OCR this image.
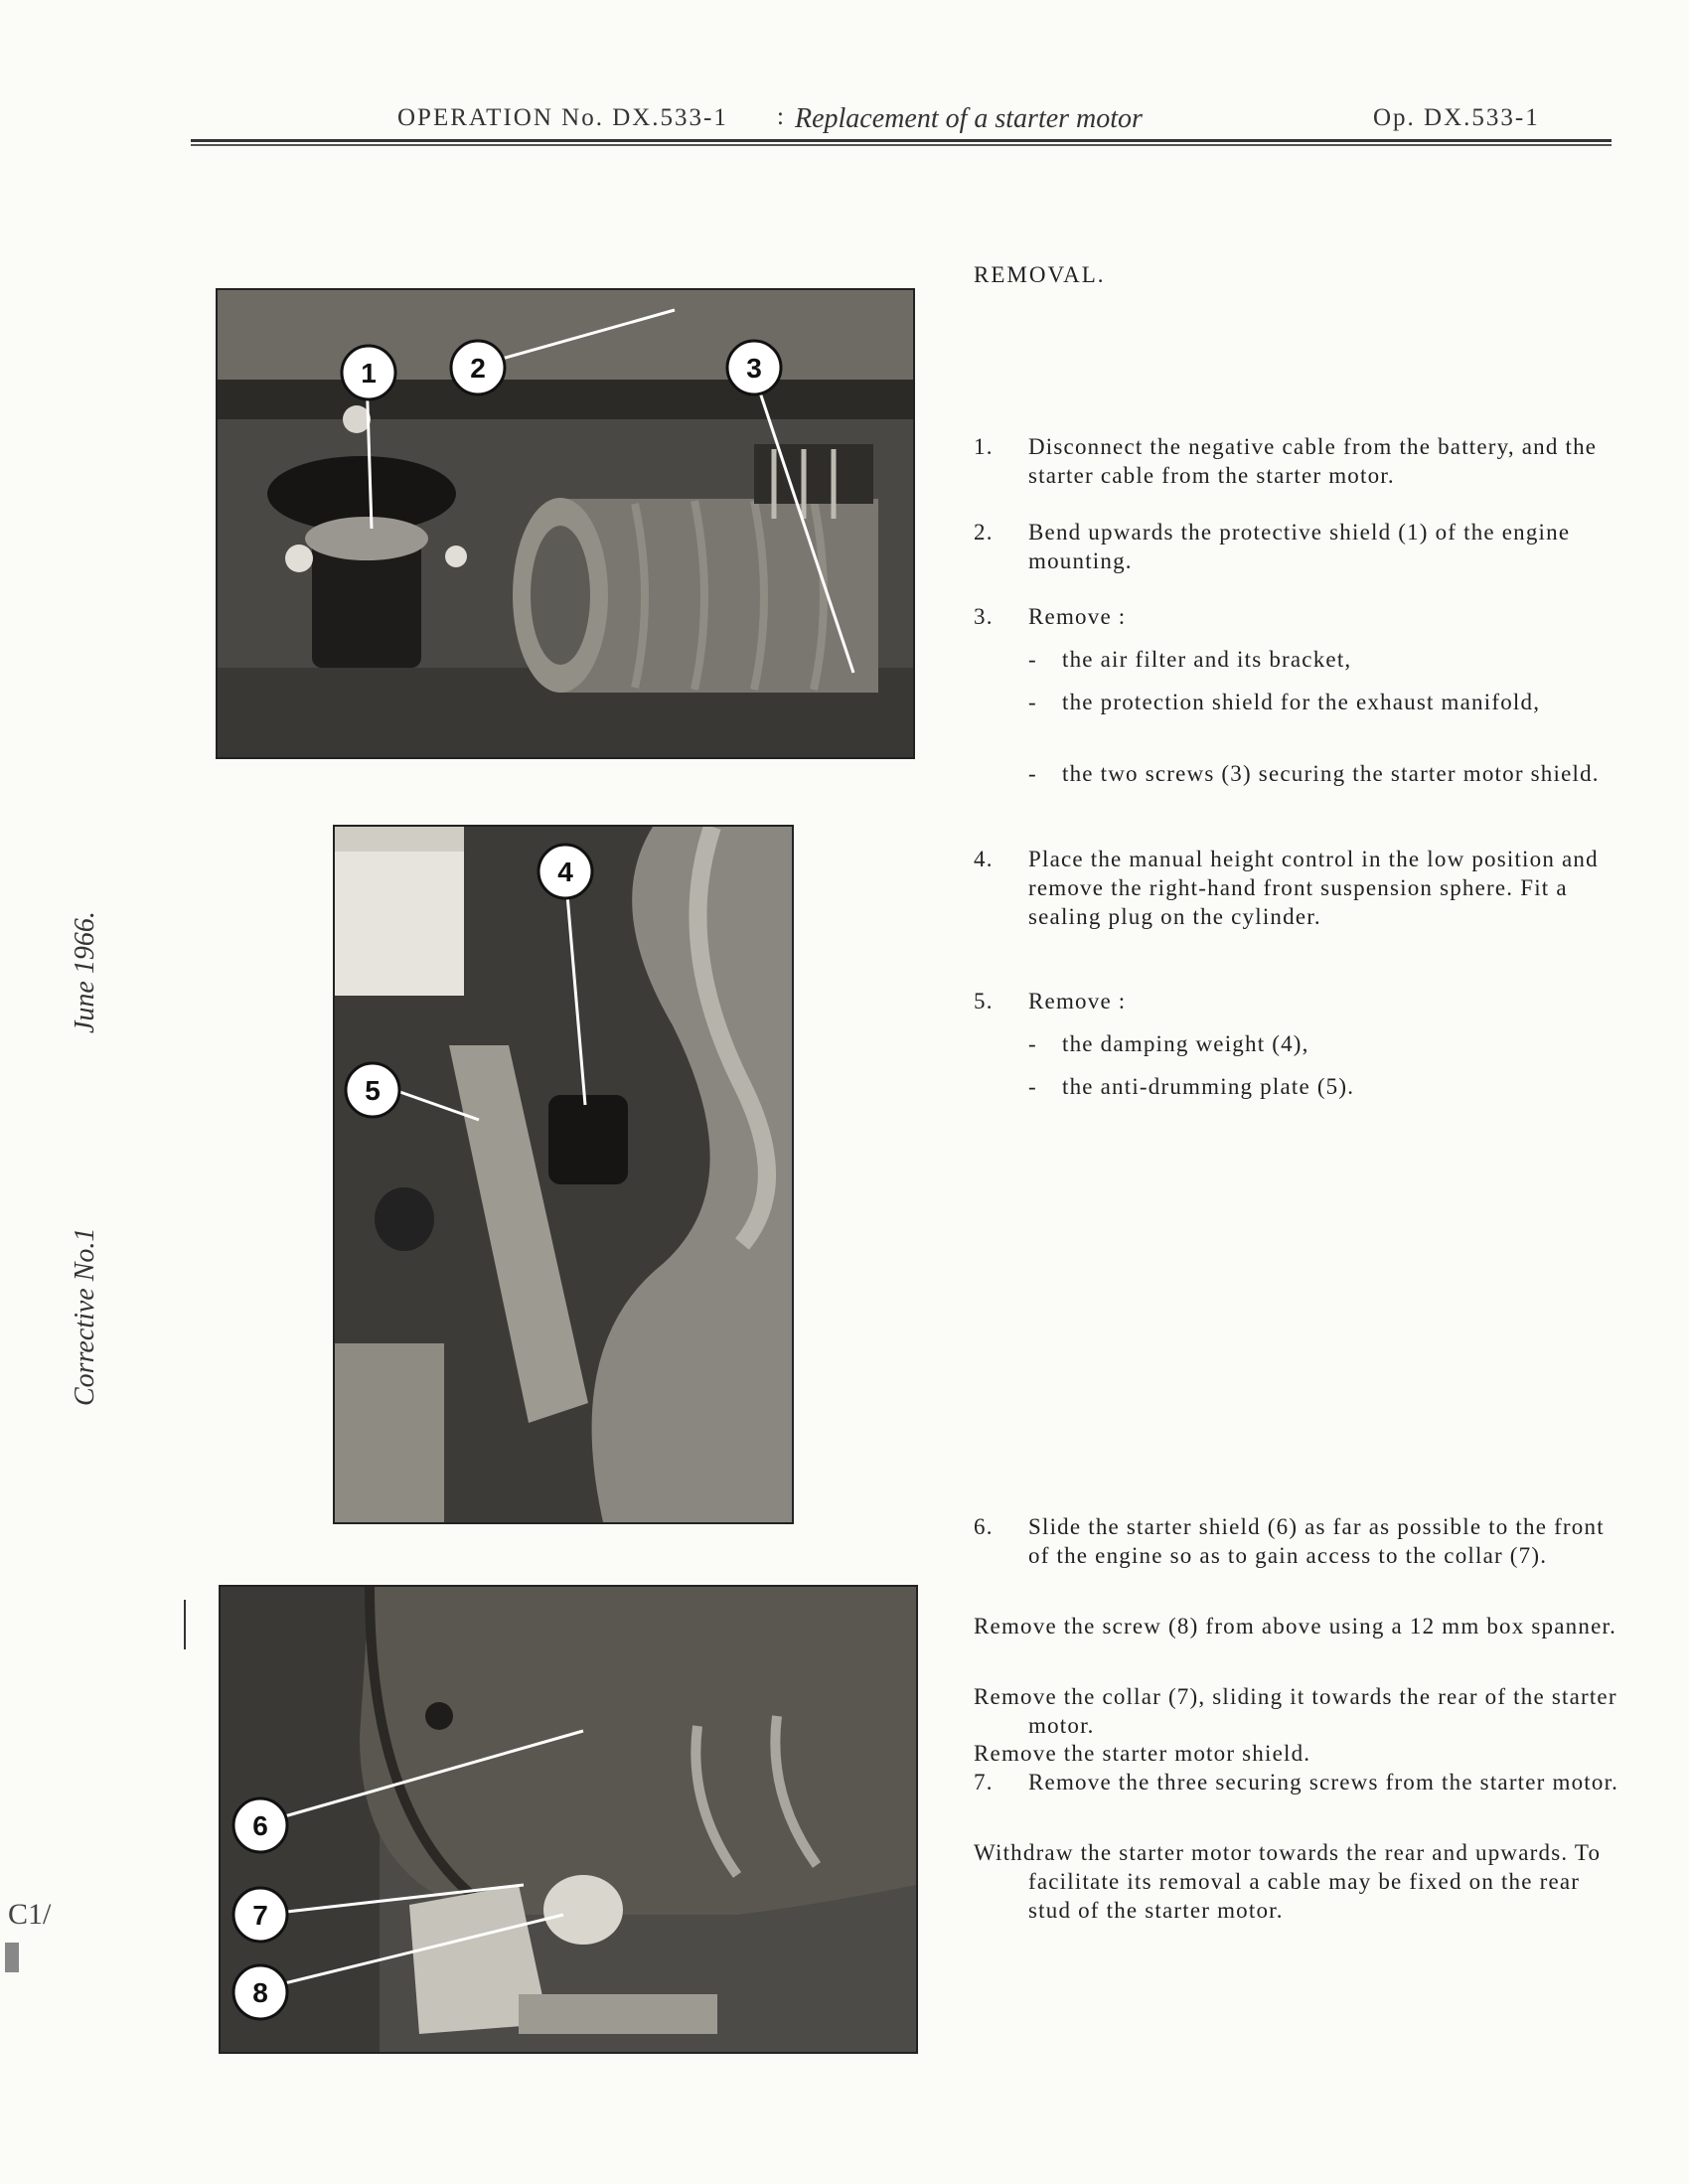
OPERATION No. DX.533-1 : Replacement of a starter motor	Op. DX.533-1
June 1966.
Corrective No.1
C1/
1	2	3
4
5
6
7
8
REMOVAL.
1. Disconnect the negative cable from the battery, and the starter cable from the starter motor.
2. Bend upwards the protective shield (1) of the engine mounting.
3. Remove :
- the air filter and its bracket,
- the protection shield for the exhaust manifold,
- the two screws (3) securing the starter motor shield.
4. Place the manual height control in the low position and remove the right-hand front suspension sphere. Fit a sealing plug on the cylinder.
5. Remove :
- the damping weight (4),
- the anti-drumming plate (5).
6. Slide the starter shield (6) as far as possible to the front of the engine so as to gain access to the collar (7).
Remove the screw (8) from above using a 12 mm box spanner.
Remove the collar (7), sliding it towards the rear of the starter motor.
Remove the starter motor shield.
7. Remove the three securing screws from the starter motor.
Withdraw the starter motor towards the rear and upwards. To facilitate its removal a cable may be fixed on the rear stud of the starter motor.
